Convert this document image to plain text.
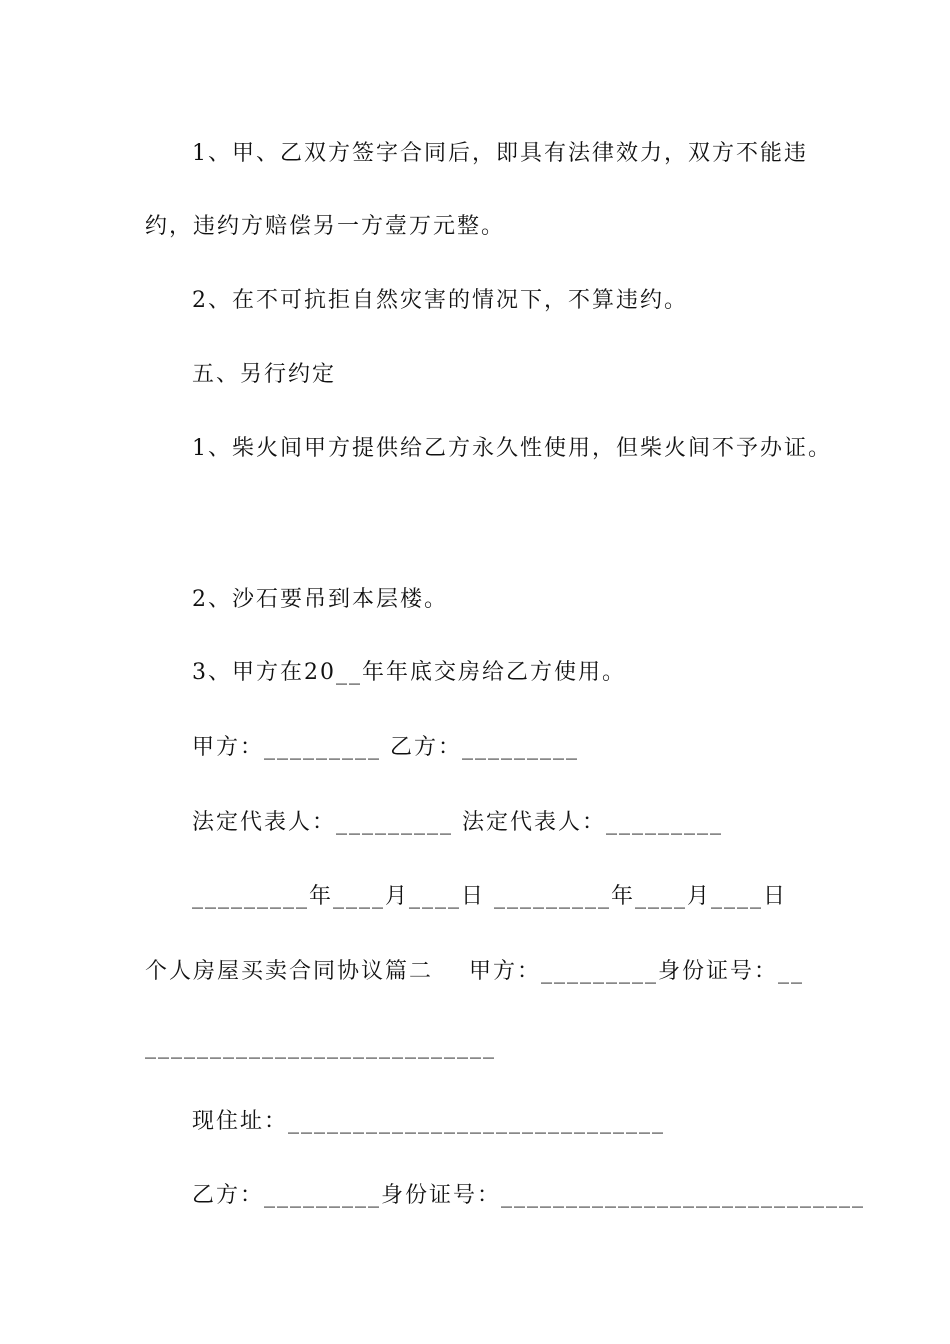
1、甲、乙双方签字合同后，即具有法律效力，双方不能违
约，违约方赔偿另一方壹万元整。
2、在不可抗拒自然灾害的情况下，不算违约。
五、另行约定
1、柴火间甲方提供给乙方永久性使用，但柴火间不予办证。
2、沙石要吊到本层楼。
3、甲方在20__年年底交房给乙方使用。
甲方：_________ 乙方：_________
法定代表人：_________ 法定代表人：_________
_________年____月____日 _________年____月____日
个人房屋买卖合同协议篇二    甲方：_________身份证号：__
___________________________
现住址：_____________________________
乙方：_________身份证号：____________________________
